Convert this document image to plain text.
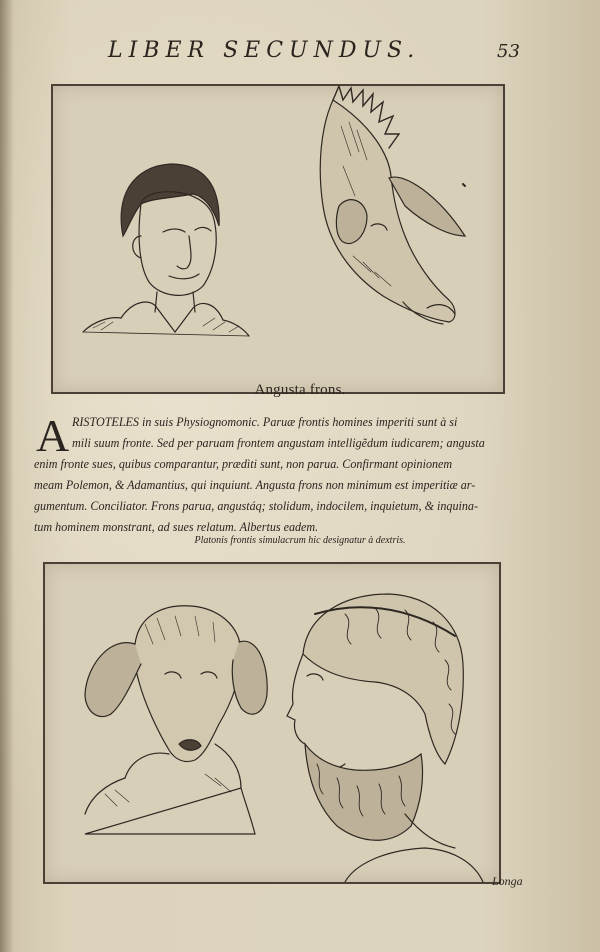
LIBER SECUNDUS.	53
Angusta frons.
A RISTOTELES in suis Physiognomonic. Paruæ frontis homines imperiti sunt à si
mili suum fronte. Sed per paruam frontem angustam intelligẽdum iudicarem; angusta
enim fronte sues, quibus comparantur, prædìti sunt, non parua. Confirmant opinionem
meam Polemon, & Adamantius, qui inquiunt. Angusta frons non minimum est imperitiæ ar-
gumentum. Conciliator. Frons parua, angustáq; stolidum, indocilem, inquietum, & inquina-
tum hominem monstrant, ad sues relatum. Albertus eadem.
Platonis frontis simulacrum hic designatur à dextris.
Longa
